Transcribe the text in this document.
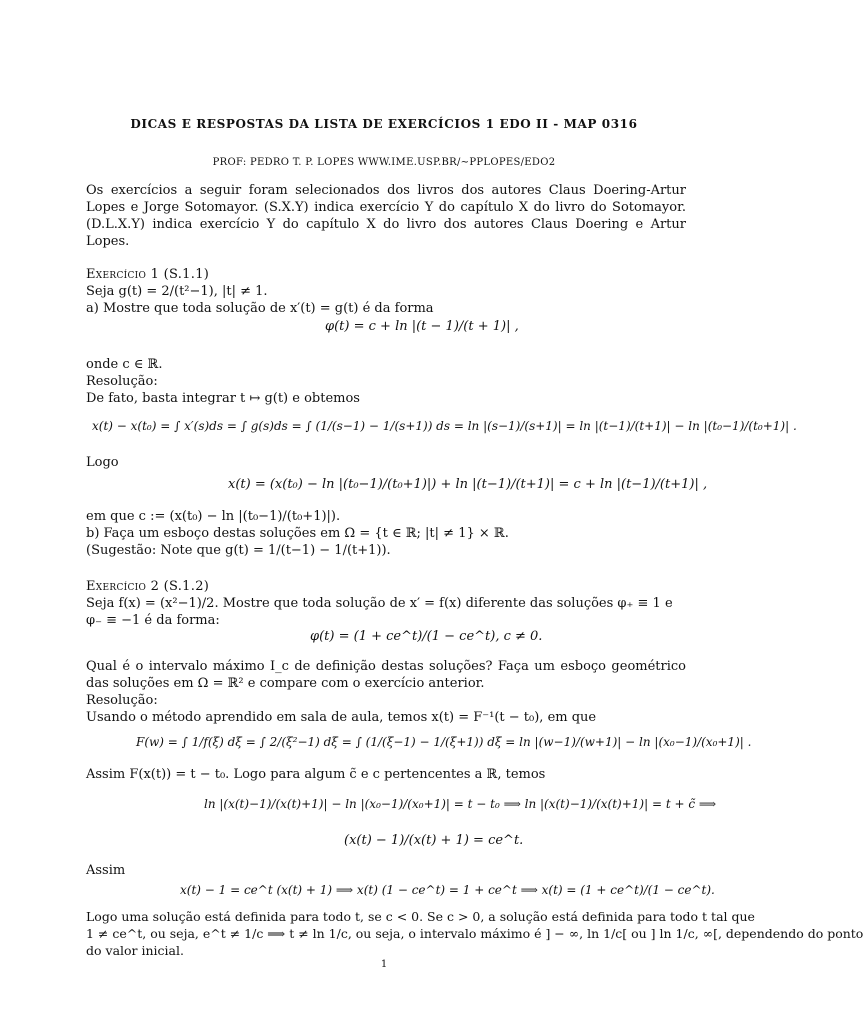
DICAS E RESPOSTAS DA LISTA DE EXERCÍCIOS 1 EDO II - MAP 0316
PROF: PEDRO T. P. LOPES WWW.IME.USP.BR/∼PPLOPES/EDO2

Os exercícios a seguir foram selecionados dos livros dos autores Claus Doering-Artur Lopes e Jorge Sotomayor. (S.X.Y) indica exercício Y do capítulo X do livro do Sotomayor. (D.L.X.Y) indica exercício Y do capítulo X do livro dos autores Claus Doering e Artur Lopes.

Exercício 1 (S.1.1)
Seja g(t) = 2/(t²−1), |t| ≠ 1.
a) Mostre que toda solução de x′(t) = g(t) é da forma
φ(t) = c + ln |(t − 1)/(t + 1)| ,
onde c ∈ ℝ.
Resolução:
De fato, basta integrar t ↦ g(t) e obtemos
x(t) − x(t₀) = ∫ x′(s)ds = ∫ g(s)ds = ∫ (1/(s−1) − 1/(s+1)) ds = ln |(s−1)/(s+1)| = ln |(t−1)/(t+1)| − ln |(t₀−1)/(t₀+1)| .
Logo
x(t) = (x(t₀) − ln |(t₀−1)/(t₀+1)|) + ln |(t−1)/(t+1)| = c + ln |(t−1)/(t+1)| ,
em que c := (x(t₀) − ln |(t₀−1)/(t₀+1)|).
b) Faça um esboço destas soluções em Ω = {t ∈ ℝ; |t| ≠ 1} × ℝ.
(Sugestão: Note que g(t) = 1/(t−1) − 1/(t+1)).
Exercício 2 (S.1.2)
Seja f(x) = (x²−1)/2. Mostre que toda solução de x′ = f(x) diferente das soluções φ₊ ≡ 1 e φ₋ ≡ −1 é da forma:
φ(t) = (1 + ce^t)/(1 − ce^t), c ≠ 0.
Qual é o intervalo máximo I_c de definição destas soluções? Faça um esboço geométrico das soluções em Ω = ℝ² e compare com o exercício anterior.
Resolução:
Usando o método aprendido em sala de aula, temos x(t) = F⁻¹(t − t₀), em que
F(w) = ∫ 1/f(ξ) dξ = ∫ 2/(ξ²−1) dξ = ∫ (1/(ξ−1) − 1/(ξ+1)) dξ = ln |(w−1)/(w+1)| − ln |(x₀−1)/(x₀+1)| .
Assim F(x(t)) = t − t₀. Logo para algum c̃ e c pertencentes a ℝ, temos
ln |(x(t)−1)/(x(t)+1)| − ln |(x₀−1)/(x₀+1)| = t − t₀ ⟹ ln |(x(t)−1)/(x(t)+1)| = t + c̃ ⟹
(x(t) − 1)/(x(t) + 1) = ce^t.
Assim
x(t) − 1 = ce^t (x(t) + 1) ⟹ x(t) (1 − ce^t) = 1 + ce^t ⟹ x(t) = (1 + ce^t)/(1 − ce^t).
Logo uma solução está definida para todo t, se c < 0. Se c > 0, a solução está definida para todo t tal que
1 ≠ ce^t, ou seja, e^t ≠ 1/c ⟹ t ≠ ln 1/c, ou seja, o intervalo máximo é ] − ∞, ln 1/c[ ou ] ln 1/c, ∞[, dependendo do ponto
do valor inicial.
1
